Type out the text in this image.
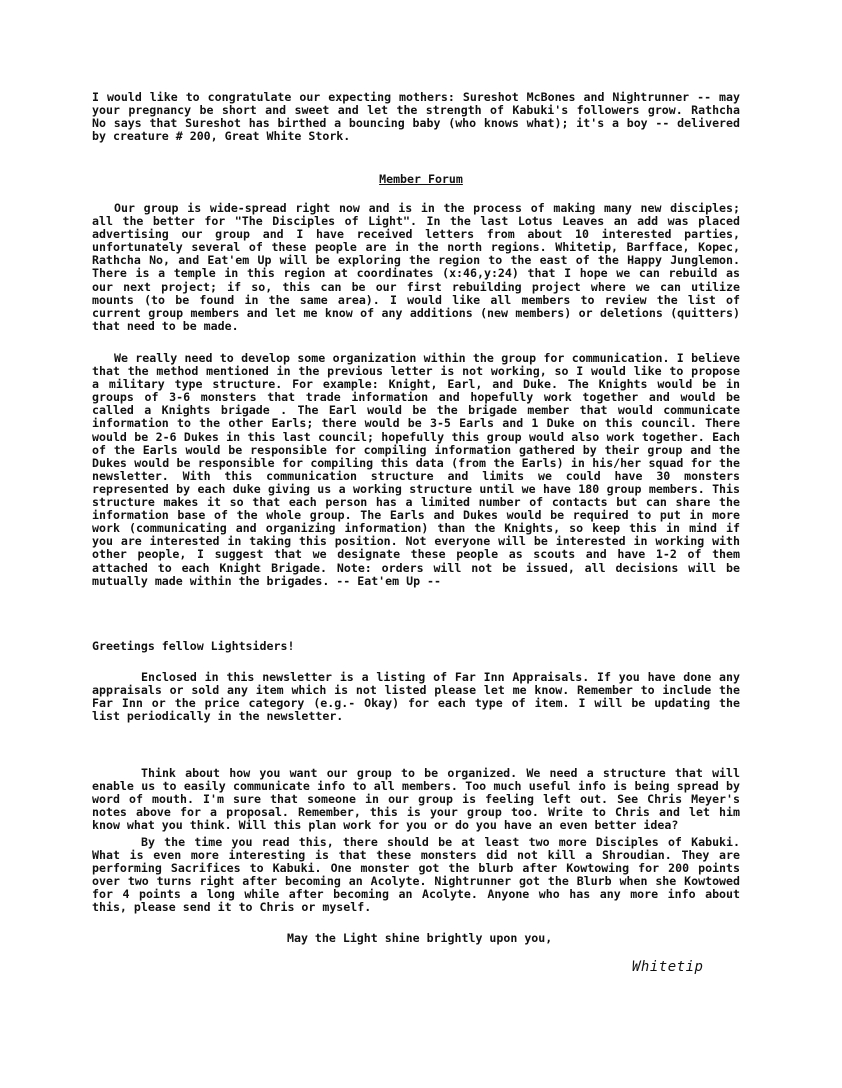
I would like to congratulate our expecting mothers: Sureshot McBones and Nightrunner -- may your pregnancy be short and sweet and let the strength of Kabuki's followers grow. Rathcha No says that Sureshot has birthed a bouncing baby (who knows what); it's a boy -- delivered by creature # 200, Great White Stork.

Member Forum

Our group is wide-spread right now and is in the process of making many new disciples; all the better for "The Disciples of Light". In the last Lotus Leaves an add was placed advertising our group and I have received letters from about 10 interested parties, unfortunately several of these people are in the north regions. Whitetip, Barfface, Kopec, Rathcha No, and Eat'em Up will be exploring the region to the east of the Happy Junglemon. There is a temple in this region at coordinates (x:46,y:24) that I hope we can rebuild as our next project; if so, this can be our first rebuilding project where we can utilize mounts (to be found in the same area). I would like all members to review the list of current group members and let me know of any additions (new members) or deletions (quitters) that need to be made.

We really need to develop some organization within the group for communication. I believe that the method mentioned in the previous letter is not working, so I would like to propose a military type structure. For example: Knight, Earl, and Duke. The Knights would be in groups of 3-6 monsters that trade information and hopefully work together and would be called a Knights brigade . The Earl would be the brigade member that would communicate information to the other Earls; there would be 3-5 Earls and 1 Duke on this council. There would be 2-6 Dukes in this last council; hopefully this group would also work together. Each of the Earls would be responsible for compiling information gathered by their group and the Dukes would be responsible for compiling this data (from the Earls) in his/her squad for the newsletter. With this communication structure and limits we could have 30 monsters represented by each duke giving us a working structure until we have 180 group members. This structure makes it so that each person has a limited number of contacts but can share the information base of the whole group. The Earls and Dukes would be required to put in more work (communicating and organizing information) than the Knights, so keep this in mind if you are interested in taking this position. Not everyone will be interested in working with other people, I suggest that we designate these people as scouts and have 1-2 of them attached to each Knight Brigade. Note: orders will not be issued, all decisions will be mutually made within the brigades. -- Eat'em Up --

Greetings fellow Lightsiders!

Enclosed in this newsletter is a listing of Far Inn Appraisals. If you have done any appraisals or sold any item which is not listed please let me know. Remember to include the Far Inn or the price category (e.g.- Okay) for each type of item. I will be updating the list periodically in the newsletter.

Think about how you want our group to be organized. We need a structure that will enable us to easily communicate info to all members. Too much useful info is being spread by word of mouth. I'm sure that someone in our group is feeling left out. See Chris Meyer's notes above for a proposal. Remember, this is your group too. Write to Chris and let him know what you think. Will this plan work for you or do you have an even better idea?

By the time you read this, there should be at least two more Disciples of Kabuki. What is even more interesting is that these monsters did not kill a Shroudian. They are performing Sacrifices to Kabuki. One monster got the blurb after Kowtowing for 200 points over two turns right after becoming an Acolyte. Nightrunner got the Blurb when she Kowtowed for 4 points a long while after becoming an Acolyte. Anyone who has any more info about this, please send it to Chris or myself.

May the Light shine brightly upon you,

Whitetip
